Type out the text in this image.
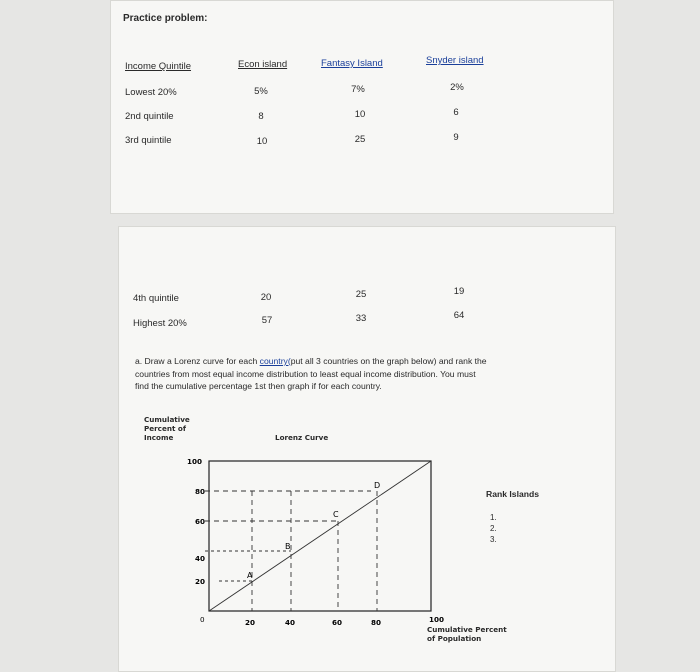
Practice problem:
Income Quintile	Econ island	Fantasy Island	Snyder island
Lowest 20%	5%	7%	2%
2nd quintile	8	10	6
3rd quintile	10	25	9
4th quintile	20	25	19
Highest 20%	57	33	64
a. Draw a Lorenz curve for each country(put all 3 countries on the graph below) and rank the
countries from most equal income distribution to least equal income distribution. You must
find the cumulative percentage 1st then graph if for each country.
A
B
C
D
100
80
60
40
20
0	20	40	60	80	100
Cumulative
Percent of
Income	Lorenz Curve
Cumulative Percent
of Population
Rank Islands
1.
2.
3.
